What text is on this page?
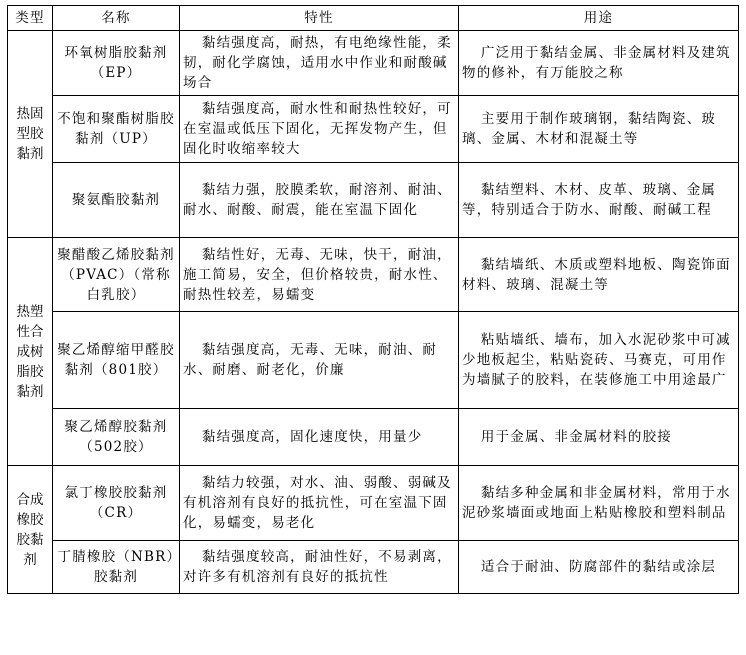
类型	名称	特性	用途
热固型胶黏剂	环氧树脂胶黏剂（EP）	黏结强度高，耐热，有电绝缘性能，柔韧，耐化学腐蚀，适用水中作业和耐酸碱场合	广泛用于黏结金属、非金属材料及建筑物的修补，有万能胶之称
	不饱和聚酯树脂胶黏剂（UP）	黏结强度高，耐水性和耐热性较好，可在室温或低压下固化，无挥发物产生，但固化时收缩率较大	主要用于制作玻璃钢，黏结陶瓷、玻璃、金属、木材和混凝土等
	聚氨酯胶黏剂	黏结力强，胶膜柔软，耐溶剂、耐油、耐水、耐酸、耐震，能在室温下固化	黏结塑料、木材、皮革、玻璃、金属等，特别适合于防水、耐酸、耐碱工程
热塑性合成树脂胶黏剂	聚醋酸乙烯胶黏剂（PVAC）（常称白乳胶）	黏结性好，无毒、无味，快干，耐油，施工简易，安全，但价格较贵，耐水性、耐热性较差，易蠕变	黏结墙纸、木质或塑料地板、陶瓷饰面材料、玻璃、混凝土等
	聚乙烯醇缩甲醛胶黏剂（801胶）	黏结强度高，无毒、无味，耐油、耐水、耐磨、耐老化，价廉	粘贴墙纸、墙布，加入水泥砂浆中可减少地板起尘，粘贴瓷砖、马赛克，可用作为墙腻子的胶料，在装修施工中用途最广
	聚乙烯醇胶黏剂（502胶）	黏结强度高，固化速度快，用量少	用于金属、非金属材料的胶接
合成橡胶胶黏剂	氯丁橡胶胶黏剂（CR）	黏结力较强，对水、油、弱酸、弱碱及有机溶剂有良好的抵抗性，可在室温下固化，易蠕变，易老化	黏结多种金属和非金属材料，常用于水泥砂浆墙面或地面上粘贴橡胶和塑料制品
	丁腈橡胶（NBR）胶黏剂	黏结强度较高，耐油性好，不易剥离，对许多有机溶剂有良好的抵抗性	适合于耐油、防腐部件的黏结或涂层
